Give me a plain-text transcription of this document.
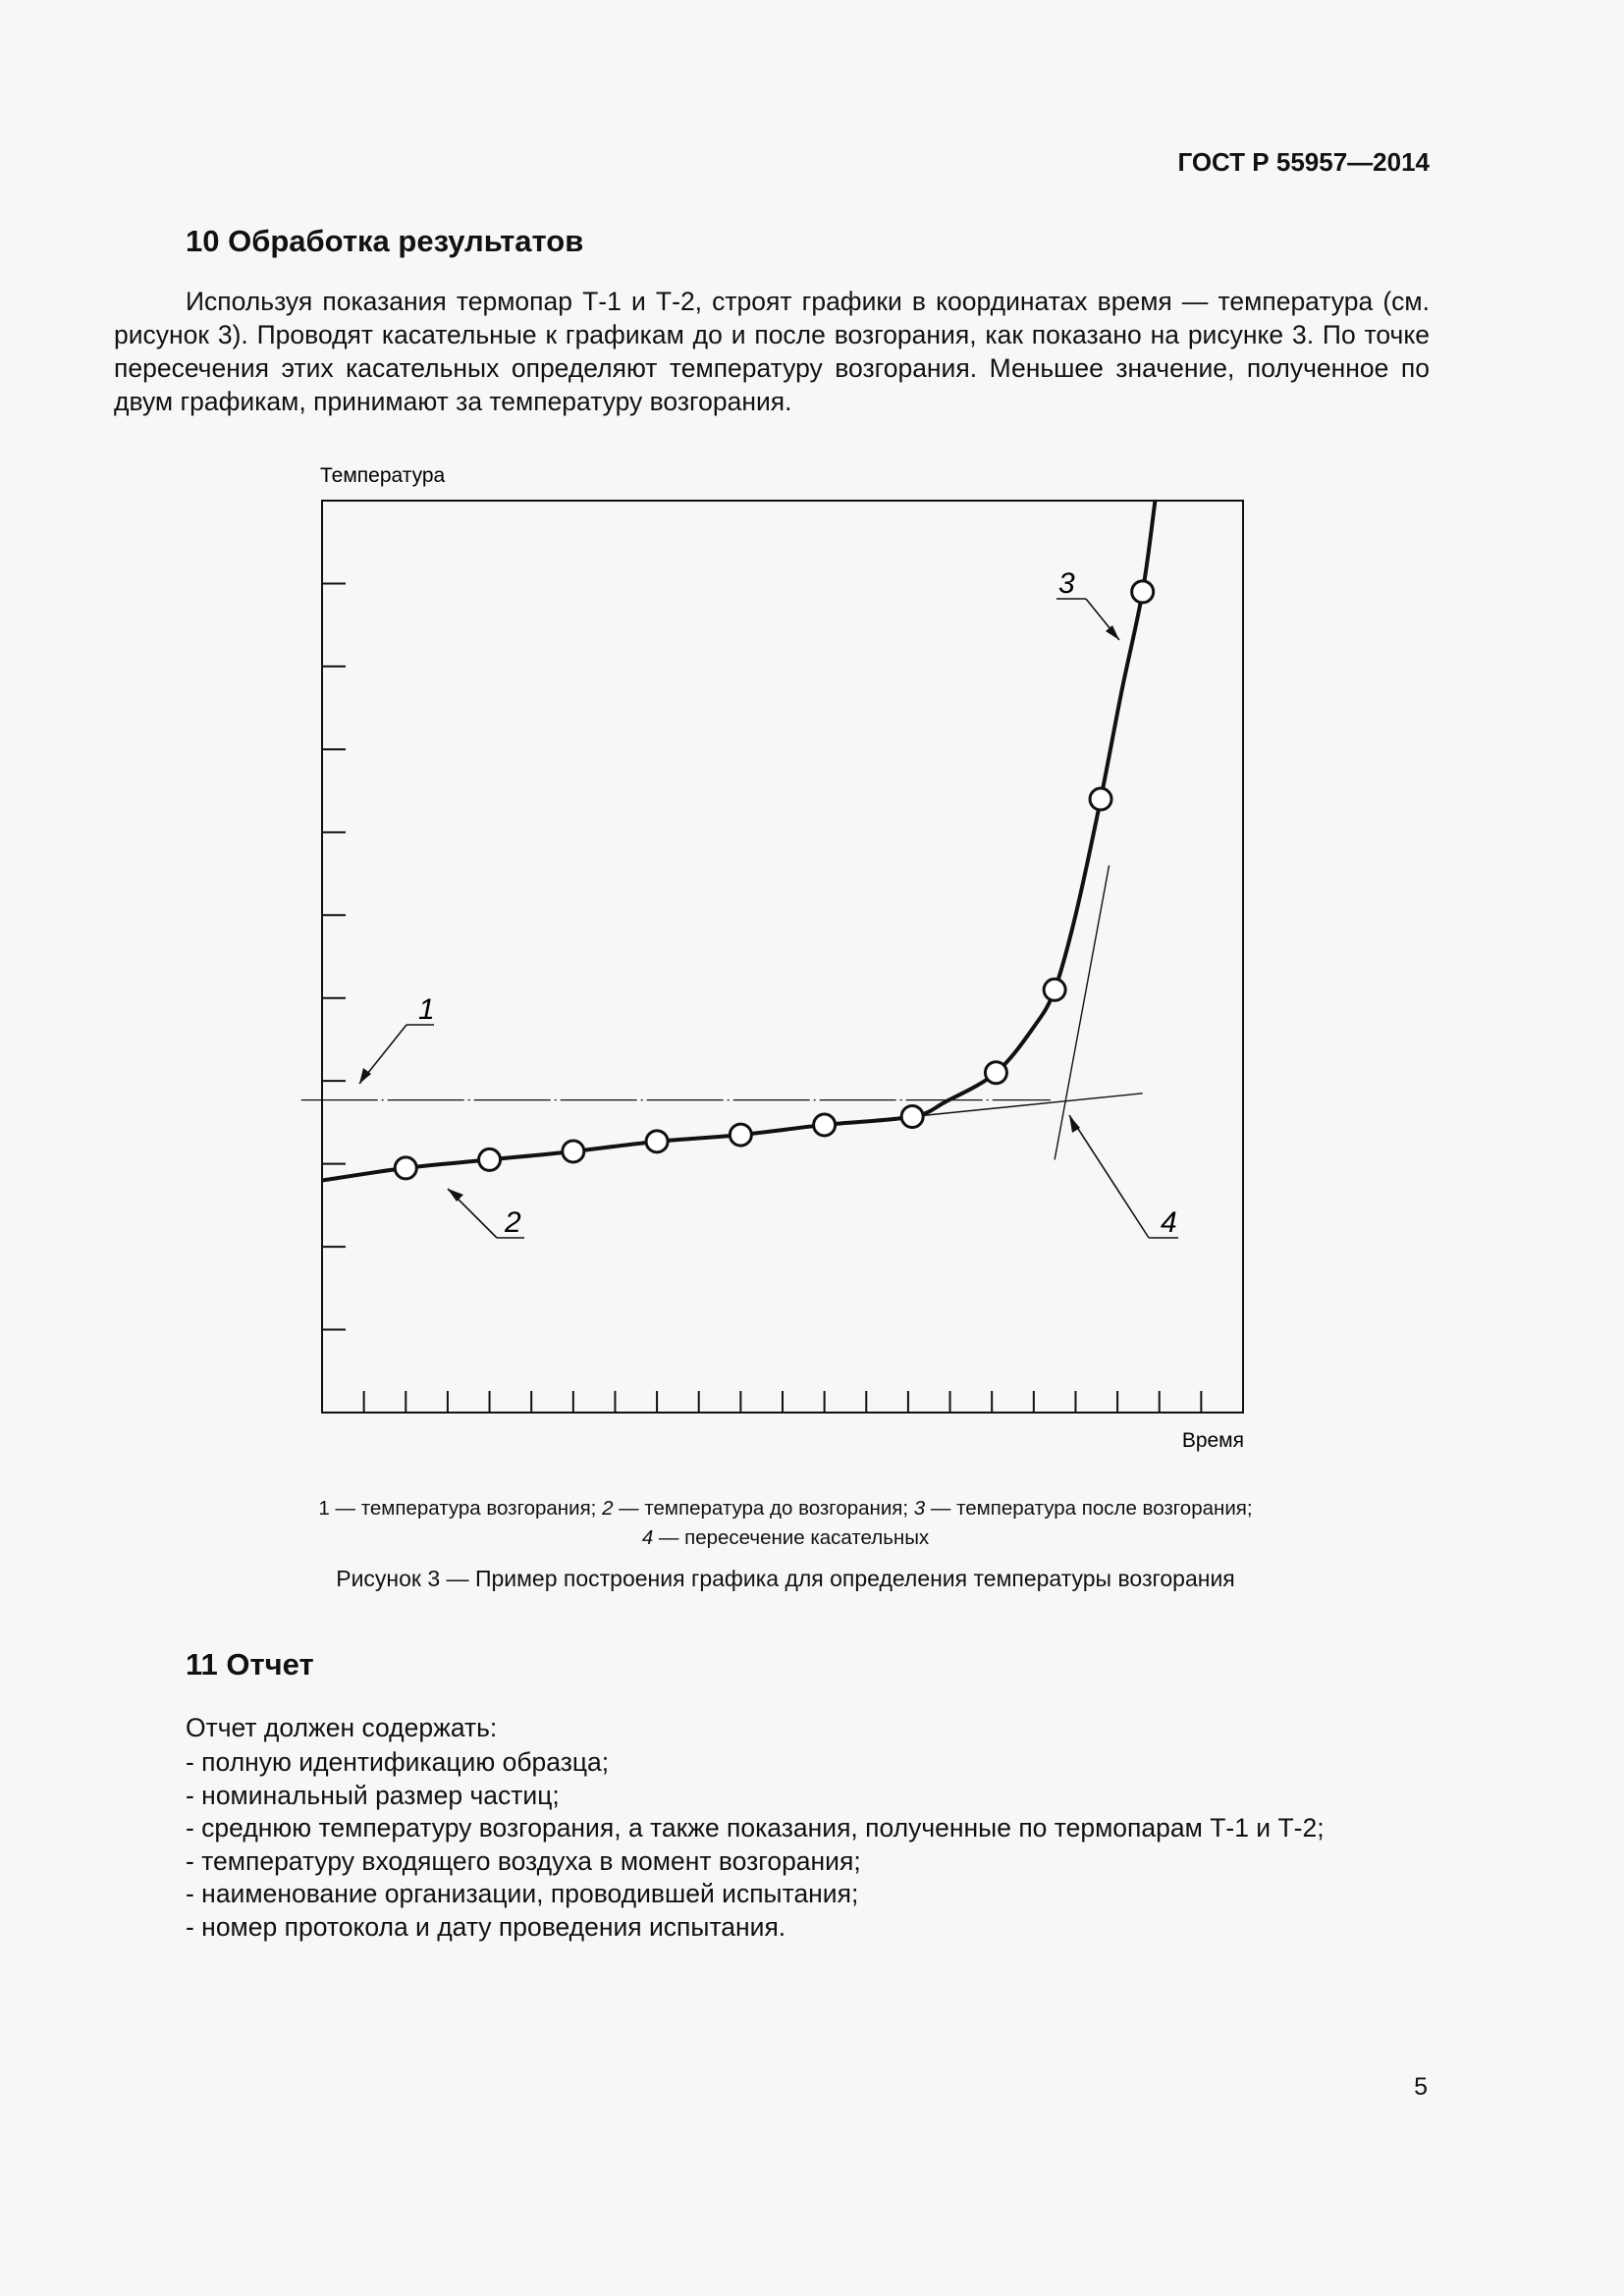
ГОСТ Р 55957—2014
10 Обработка результатов

Используя показания термопар Т-1 и Т-2, строят графики в координатах время — температура (см. рисунок 3). Проводят касательные к графикам до и после возгорания, как показано на рисунке 3. По точке пересечения этих касательных определяют температуру возгорания. Меньшее значение, полученное по двум графикам, принимают за температуру возгорания.

Температура
Время
1
2
3
4
1 — температура возгорания; 2 — температура до возгорания; 3 — температура после возгорания;
4 — пересечение касательных
Рисунок 3 — Пример построения графика для определения температуры возгорания
11 Отчет
Отчет должен содержать:
- полную идентификацию образца;
- номинальный размер частиц;
- среднюю температуру возгорания, а также показания, полученные по термопарам Т-1 и Т-2;
- температуру входящего воздуха в момент возгорания;
- наименование организации, проводившей испытания;
- номер протокола и дату проведения испытания.
5
